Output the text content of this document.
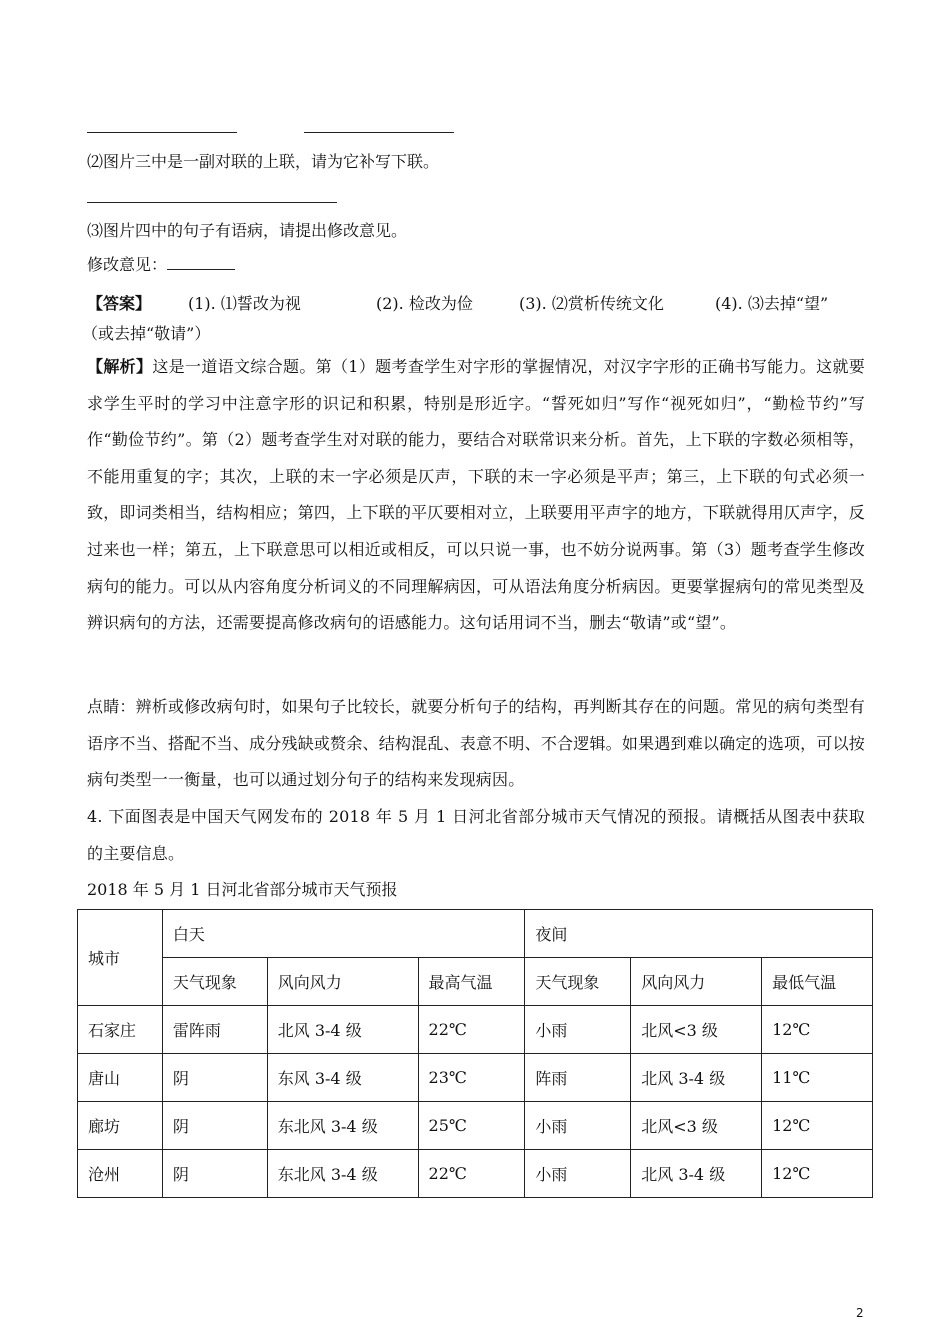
⑵图片三中是一副对联的上联，请为它补写下联。
⑶图片四中的句子有语病，请提出修改意见。
修改意见：
【答案】 (1). ⑴誓改为视	(2). 检改为俭	(3). ⑵赏析传统文化	(4). ⑶去掉“望”
（或去掉“敬请”）
【解析】这是一道语文综合题。第（1）题考查学生对字形的掌握情况，对汉字字形的正确书写能力。这就要求学生平时的学习中注意字形的识记和积累，特别是形近字。“誓死如归”写作“视死如归”，“勤检节约”写作“勤俭节约”。第（2）题考查学生对对联的能力，要结合对联常识来分析。首先，上下联的字数必须相等，不能用重复的字；其次，上联的末一字必须是仄声，下联的末一字必须是平声；第三，上下联的句式必须一致，即词类相当，结构相应；第四，上下联的平仄要相对立，上联要用平声字的地方，下联就得用仄声字，反过来也一样；第五，上下联意思可以相近或相反，可以只说一事，也不妨分说两事。第（3）题考查学生修改病句的能力。可以从内容角度分析词义的不同理解病因，可从语法角度分析病因。更要掌握病句的常见类型及辨识病句的方法，还需要提高修改病句的语感能力。这句话用词不当，删去“敬请”或“望”。
点睛：辨析或修改病句时，如果句子比较长，就要分析句子的结构，再判断其存在的问题。常见的病句类型有语序不当、搭配不当、成分残缺或赘余、结构混乱、表意不明、不合逻辑。如果遇到难以确定的选项，可以按病句类型一一衡量，也可以通过划分句子的结构来发现病因。
4. 下面图表是中国天气网发布的 2018 年 5 月 1 日河北省部分城市天气情况的预报。请概括从图表中获取的主要信息。
2018 年 5 月 1 日河北省部分城市天气预报
城市	白天			夜间		
	天气现象	风向风力	最高气温	天气现象	风向风力	最低气温
石家庄	雷阵雨	北风 3-4 级	22℃	小雨	北风<3 级	12℃
唐山	阴	东风 3-4 级	23℃	阵雨	北风 3-4 级	11℃
廊坊	阴	东北风 3-4 级	25℃	小雨	北风<3 级	12℃
沧州	阴	东北风 3-4 级	22℃	小雨	北风 3-4 级	12℃
2
